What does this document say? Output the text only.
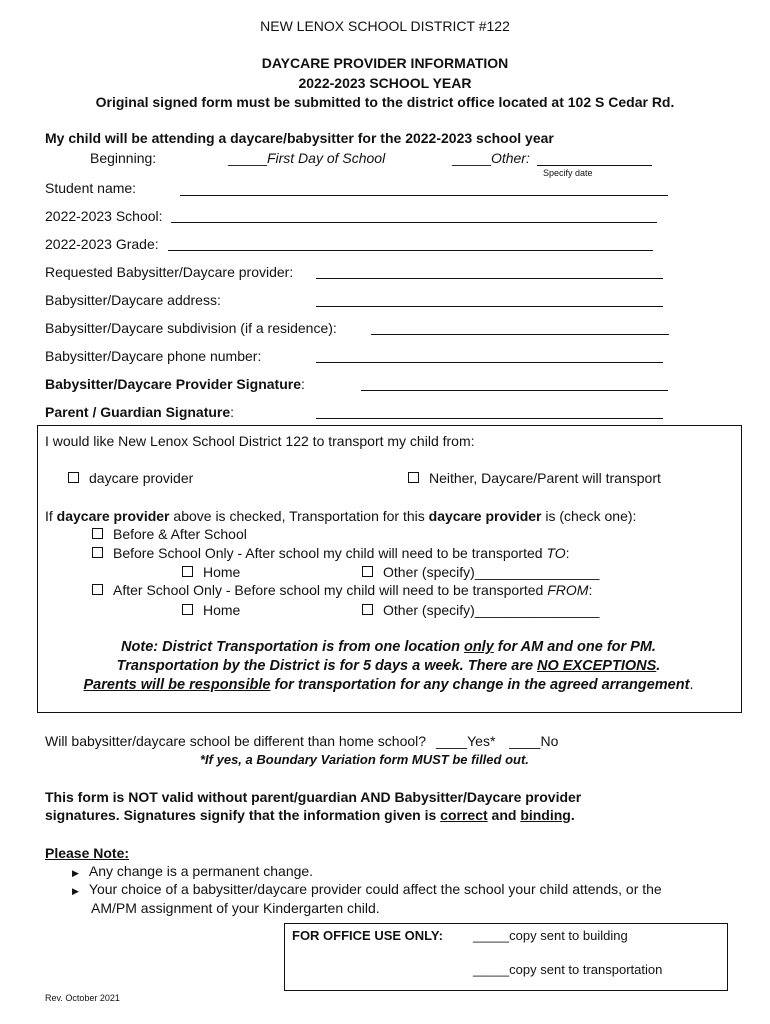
NEW LENOX SCHOOL DISTRICT #122
DAYCARE PROVIDER INFORMATION
2022-2023 SCHOOL YEAR
Original signed form must be submitted to the district office located at 102 S Cedar Rd.
My child will be attending a daycare/babysitter for the 2022-2023 school year
Beginning:	_____First Day of School	_____Other:
Specify date
Student name:
2022-2023 School:
2022-2023 Grade:
Requested Babysitter/Daycare provider:
Babysitter/Daycare address:
Babysitter/Daycare subdivision (if a residence):
Babysitter/Daycare phone number:
Babysitter/Daycare Provider Signature:
Parent / Guardian Signature:
I would like New Lenox School District 122 to transport my child from:
daycare provider	Neither, Daycare/Parent will transport
If daycare provider above is checked, Transportation for this daycare provider is (check one):
Before & After School
Before School Only - After school my child will need to be transported TO:
Home	Other (specify)________________
After School Only - Before school my child will need to be transported FROM:
Home	Other (specify)________________
Note: District Transportation is from one location only for AM and one for PM.
Transportation by the District is for 5 days a week. There are NO EXCEPTIONS.
Parents will be responsible for transportation for any change in the agreed arrangement.
Will babysitter/daycare school be different than home school? ____Yes* ____No
*If yes, a Boundary Variation form MUST be filled out.
This form is NOT valid without parent/guardian AND Babysitter/Daycare provider
signatures. Signatures signify that the information given is correct and binding.
Please Note:
▶ Any change is a permanent change.
▶ Your choice of a babysitter/daycare provider could affect the school your child attends, or the
AM/PM assignment of your Kindergarten child.
FOR OFFICE USE ONLY: _____copy sent to building
_____copy sent to transportation
Rev. October 2021
